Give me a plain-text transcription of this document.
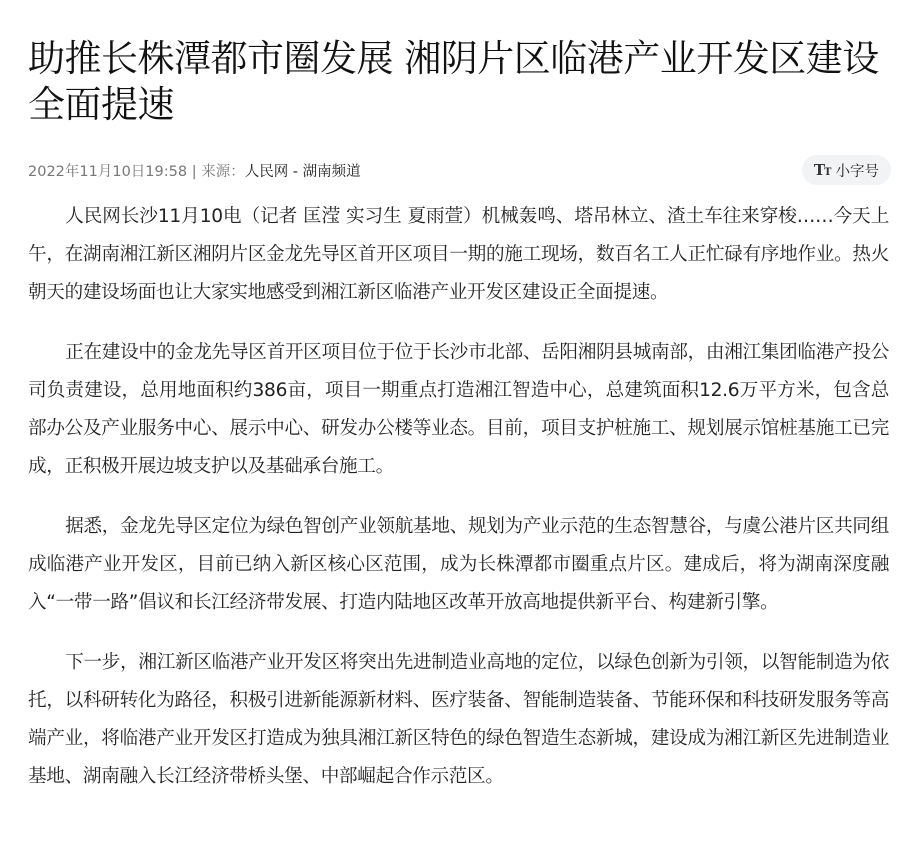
助推长株潭都市圈发展 湘阴片区临港产业开发区建设全面提速
2022年11月10日19:58 | 来源：人民网 - 湖南频道	TT 小字号

人民网长沙11月10电（记者 匡滢 实习生 夏雨萱）机械轰鸣、塔吊林立、渣土车往来穿梭……今天上午，在湖南湘江新区湘阴片区金龙先导区首开区项目一期的施工现场，数百名工人正忙碌有序地作业。热火朝天的建设场面也让大家实地感受到湘江新区临港产业开发区建设正全面提速。

正在建设中的金龙先导区首开区项目位于位于长沙市北部、岳阳湘阴县城南部，由湘江集团临港产投公司负责建设，总用地面积约386亩，项目一期重点打造湘江智造中心，总建筑面积12.6万平方米，包含总部办公及产业服务中心、展示中心、研发办公楼等业态。目前，项目支护桩施工、规划展示馆桩基施工已完成，正积极开展边坡支护以及基础承台施工。

据悉，金龙先导区定位为绿色智创产业领航基地、规划为产业示范的生态智慧谷，与虞公港片区共同组成临港产业开发区，目前已纳入新区核心区范围，成为长株潭都市圈重点片区。建成后，将为湖南深度融入“一带一路”倡议和长江经济带发展、打造内陆地区改革开放高地提供新平台、构建新引擎。

下一步，湘江新区临港产业开发区将突出先进制造业高地的定位，以绿色创新为引领，以智能制造为依托，以科研转化为路径，积极引进新能源新材料、医疗装备、智能制造装备、节能环保和科技研发服务等高端产业，将临港产业开发区打造成为独具湘江新区特色的绿色智造生态新城，建设成为湘江新区先进制造业基地、湖南融入长江经济带桥头堡、中部崛起合作示范区。
